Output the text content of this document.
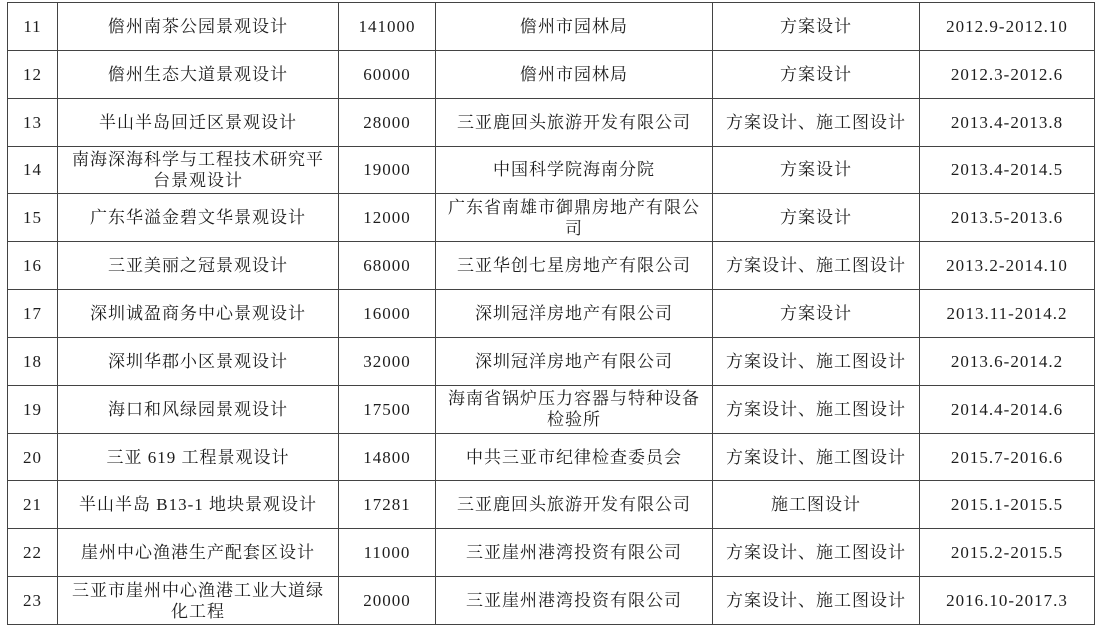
11	儋州南茶公园景观设计	141000	儋州市园林局	方案设计	2012.9-2012.10
12	儋州生态大道景观设计	60000	儋州市园林局	方案设计	2012.3-2012.6
13	半山半岛回迁区景观设计	28000	三亚鹿回头旅游开发有限公司	方案设计、施工图设计	2013.4-2013.8
14	南海深海科学与工程技术研究平台景观设计	19000	中国科学院海南分院	方案设计	2013.4-2014.5
15	广东华溢金碧文华景观设计	12000	广东省南雄市御鼎房地产有限公司	方案设计	2013.5-2013.6
16	三亚美丽之冠景观设计	68000	三亚华创七星房地产有限公司	方案设计、施工图设计	2013.2-2014.10
17	深圳诚盈商务中心景观设计	16000	深圳冠洋房地产有限公司	方案设计	2013.11-2014.2
18	深圳华郡小区景观设计	32000	深圳冠洋房地产有限公司	方案设计、施工图设计	2013.6-2014.2
19	海口和风绿园景观设计	17500	海南省锅炉压力容器与特种设备检验所	方案设计、施工图设计	2014.4-2014.6
20	三亚 619 工程景观设计	14800	中共三亚市纪律检查委员会	方案设计、施工图设计	2015.7-2016.6
21	半山半岛 B13-1 地块景观设计	17281	三亚鹿回头旅游开发有限公司	施工图设计	2015.1-2015.5
22	崖州中心渔港生产配套区设计	11000	三亚崖州港湾投资有限公司	方案设计、施工图设计	2015.2-2015.5
23	三亚市崖州中心渔港工业大道绿化工程	20000	三亚崖州港湾投资有限公司	方案设计、施工图设计	2016.10-2017.3
